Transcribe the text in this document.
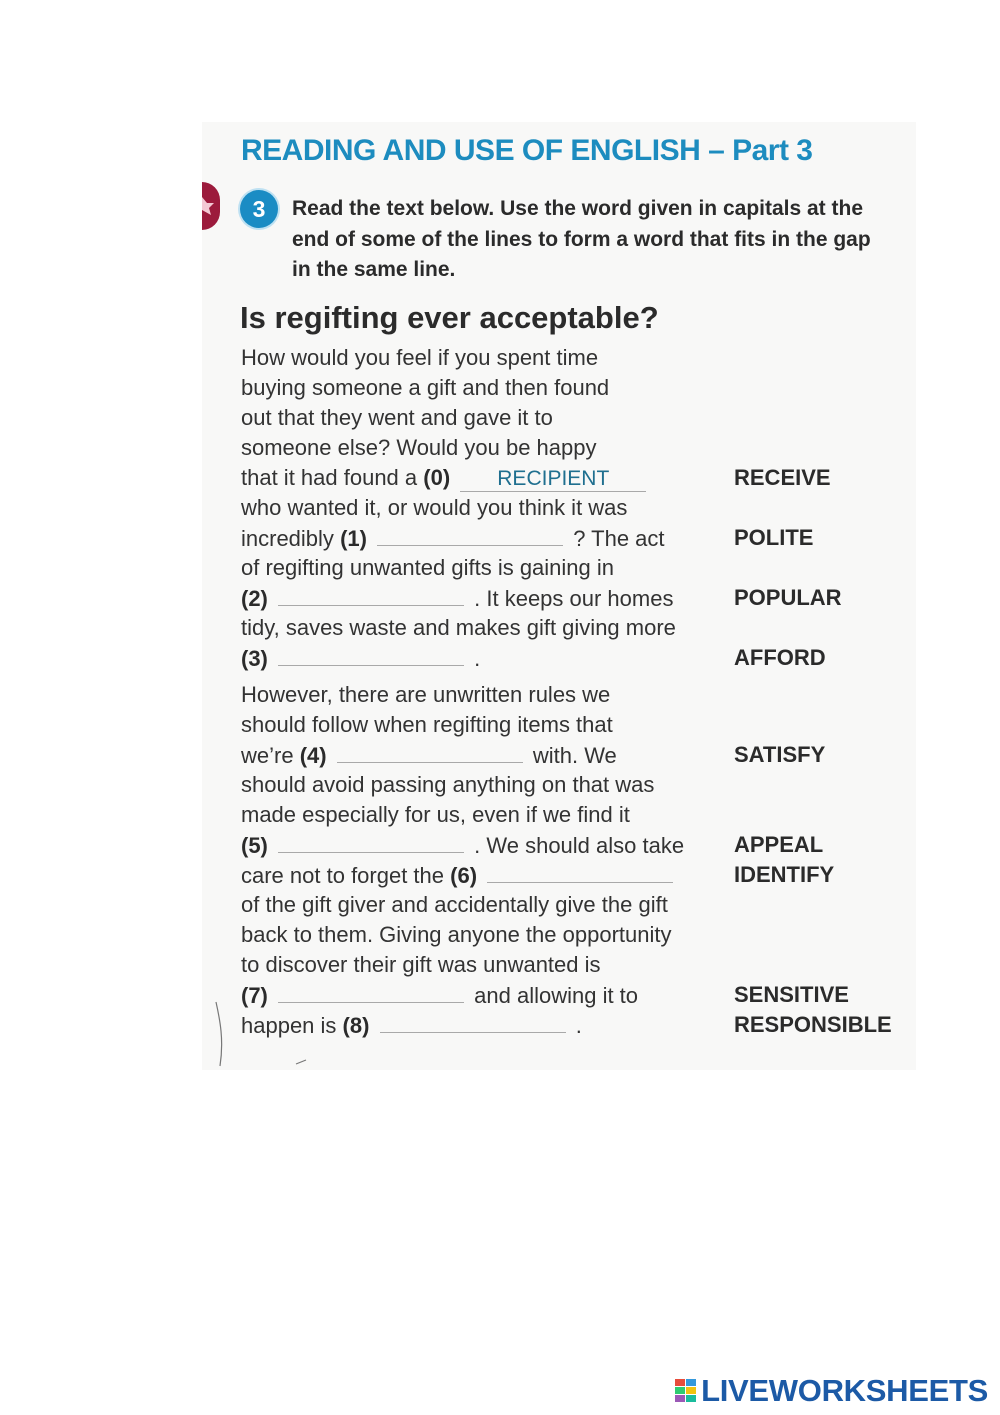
READING AND USE OF ENGLISH – Part 3
3	Read the text below. Use the word given in capitals at the end of some of the lines to form a word that fits in the gap in the same line.

Is regifting ever acceptable?
How would you feel if you spent time
buying someone a gift and then found
out that they went and gave it to
someone else? Would you be happy
that it had found a (0) RECIPIENT	RECEIVE
who wanted it, or would you think it was
incredibly (1)	? The act	POLITE
of regifting unwanted gifts is gaining in
(2)	. It keeps our homes	POPULAR
tidy, saves waste and makes gift giving more
(3)	.	AFFORD
However, there are unwritten rules we
should follow when regifting items that
we’re (4)	with. We	SATISFY
should avoid passing anything on that was
made especially for us, even if we find it
(5)	. We should also take APPEAL
care not to forget the (6)	IDENTIFY
of the gift giver and accidentally give the gift
back to them. Giving anyone the opportunity
to discover their gift was unwanted is
(7)	and allowing it to	SENSITIVE
happen is (8)	.	RESPONSIBLE
LIVEWORKSHEETS
